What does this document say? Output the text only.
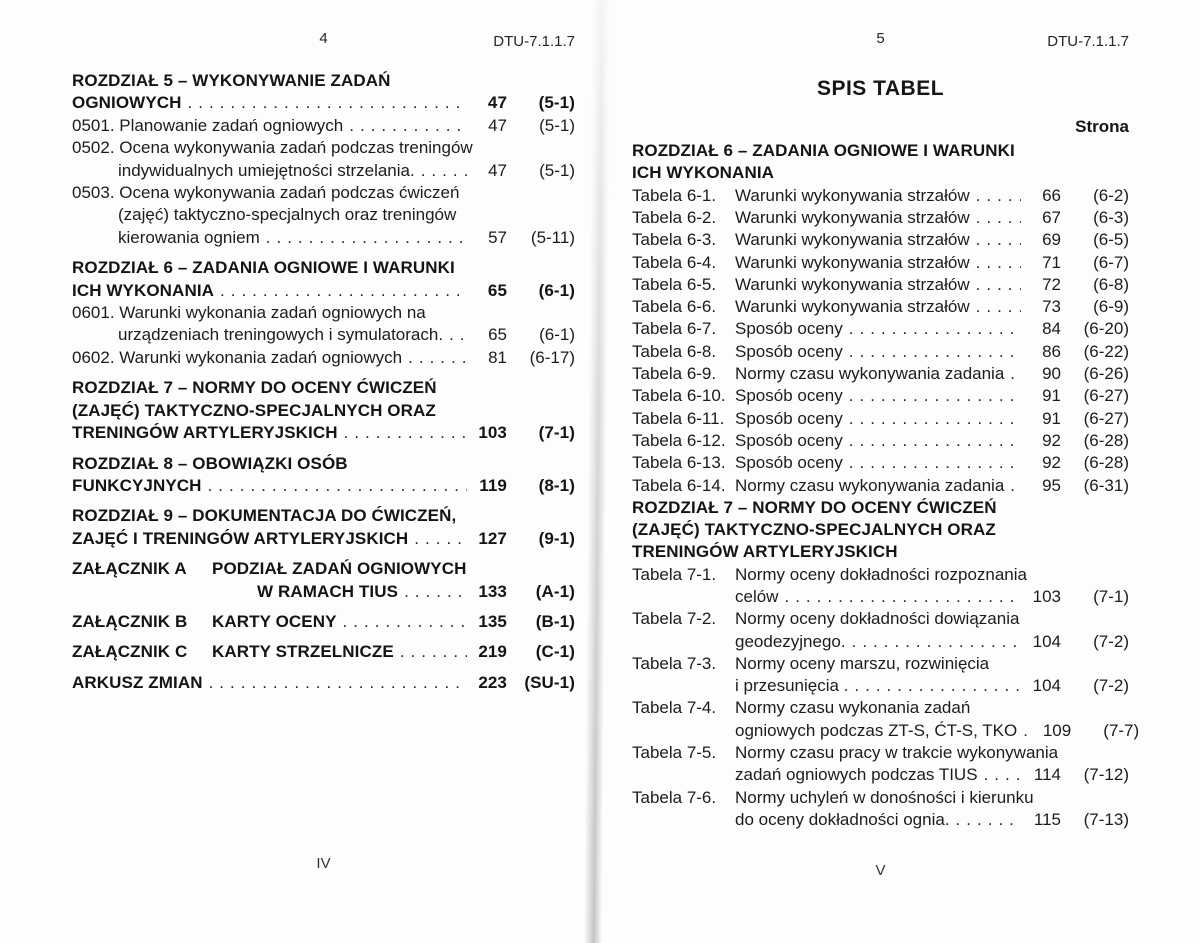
4	DTU-7.1.1.7
ROZDZIAŁ 5 – WYKONYWANIE ZADAŃ
OGNIOWYCH .....	47	(5-1)
0501. Planowanie zadań ogniowych .....	47	(5-1)
0502. Ocena wykonywania zadań podczas treningów
indywidualnych umiejętności strzelania. .....	47	(5-1)
0503. Ocena wykonywania zadań podczas ćwiczeń
(zajęć) taktyczno-specjalnych oraz treningów
kierowania ogniem .....	57	(5-11)
ROZDZIAŁ 6 – ZADANIA OGNIOWE I WARUNKI
ICH WYKONANIA .....	65	(6-1)
0601. Warunki wykonania zadań ogniowych na
urządzeniach treningowych i symulatorach. .....	65	(6-1)
0602. Warunki wykonania zadań ogniowych .....	81	(6-17)
ROZDZIAŁ 7 – NORMY DO OCENY ĆWICZEŃ
(ZAJĘĆ) TAKTYCZNO-SPECJALNYCH ORAZ
TRENINGÓW ARTYLERYJSKICH .....	103	(7-1)
ROZDZIAŁ 8 – OBOWIĄZKI OSÓB
FUNKCYJNYCH .....	119	(8-1)
ROZDZIAŁ 9 – DOKUMENTACJA DO ĆWICZEŃ,
ZAJĘĆ I TRENINGÓW ARTYLERYJSKICH .....	127	(9-1)
ZAŁĄCZNIK A	PODZIAŁ ZADAŃ OGNIOWYCH
W RAMACH TIUS .....	133	(A-1)
ZAŁĄCZNIK B	KARTY OCENY .....	135	(B-1)
ZAŁĄCZNIK C	KARTY STRZELNICZE .....	219	(C-1)
ARKUSZ ZMIAN .....	223	(SU-1)
IV
5	DTU-7.1.1.7
SPIS TABEL
Strona
ROZDZIAŁ 6 – ZADANIA OGNIOWE I WARUNKI
ICH WYKONANIA
Tabela 6-1.	Warunki wykonywania strzałów .....	66	(6-2)
Tabela 6-2.	Warunki wykonywania strzałów .....	67	(6-3)
Tabela 6-3.	Warunki wykonywania strzałów .....	69	(6-5)
Tabela 6-4.	Warunki wykonywania strzałów .....	71	(6-7)
Tabela 6-5.	Warunki wykonywania strzałów .....	72	(6-8)
Tabela 6-6.	Warunki wykonywania strzałów .....	73	(6-9)
Tabela 6-7.	Sposób oceny .....	84	(6-20)
Tabela 6-8.	Sposób oceny .....	86	(6-22)
Tabela 6-9.	Normy czasu wykonywania zadania .....	90	(6-26)
Tabela 6-10. Sposób oceny .....	91	(6-27)
Tabela 6-11. Sposób oceny .....	91	(6-27)
Tabela 6-12. Sposób oceny .....	92	(6-28)
Tabela 6-13. Sposób oceny .....	92	(6-28)
Tabela 6-14. Normy czasu wykonywania zadania .....	95	(6-31)
ROZDZIAŁ 7 – NORMY DO OCENY ĆWICZEŃ
(ZAJĘĆ) TAKTYCZNO-SPECJALNYCH ORAZ
TRENINGÓW ARTYLERYJSKICH
Tabela 7-1.	Normy oceny dokładności rozpoznania
celów .....	103	(7-1)
Tabela 7-2.	Normy oceny dokładności dowiązania
geodezyjnego. .....	104	(7-2)
Tabela 7-3.	Normy oceny marszu, rozwinięcia
i przesunięcia . .....	104	(7-2)
Tabela 7-4.	Normy czasu wykonania zadań
ogniowych podczas ZT-S, ĆT-S, TKO .....	109	(7-7)
Tabela 7-5.	Normy czasu pracy w trakcie wykonywania
zadań ogniowych podczas TIUS .....	114	(7-12)
Tabela 7-6.	Normy uchyleń w donośności i kierunku
do oceny dokładności ognia. .....	115	(7-13)
V
